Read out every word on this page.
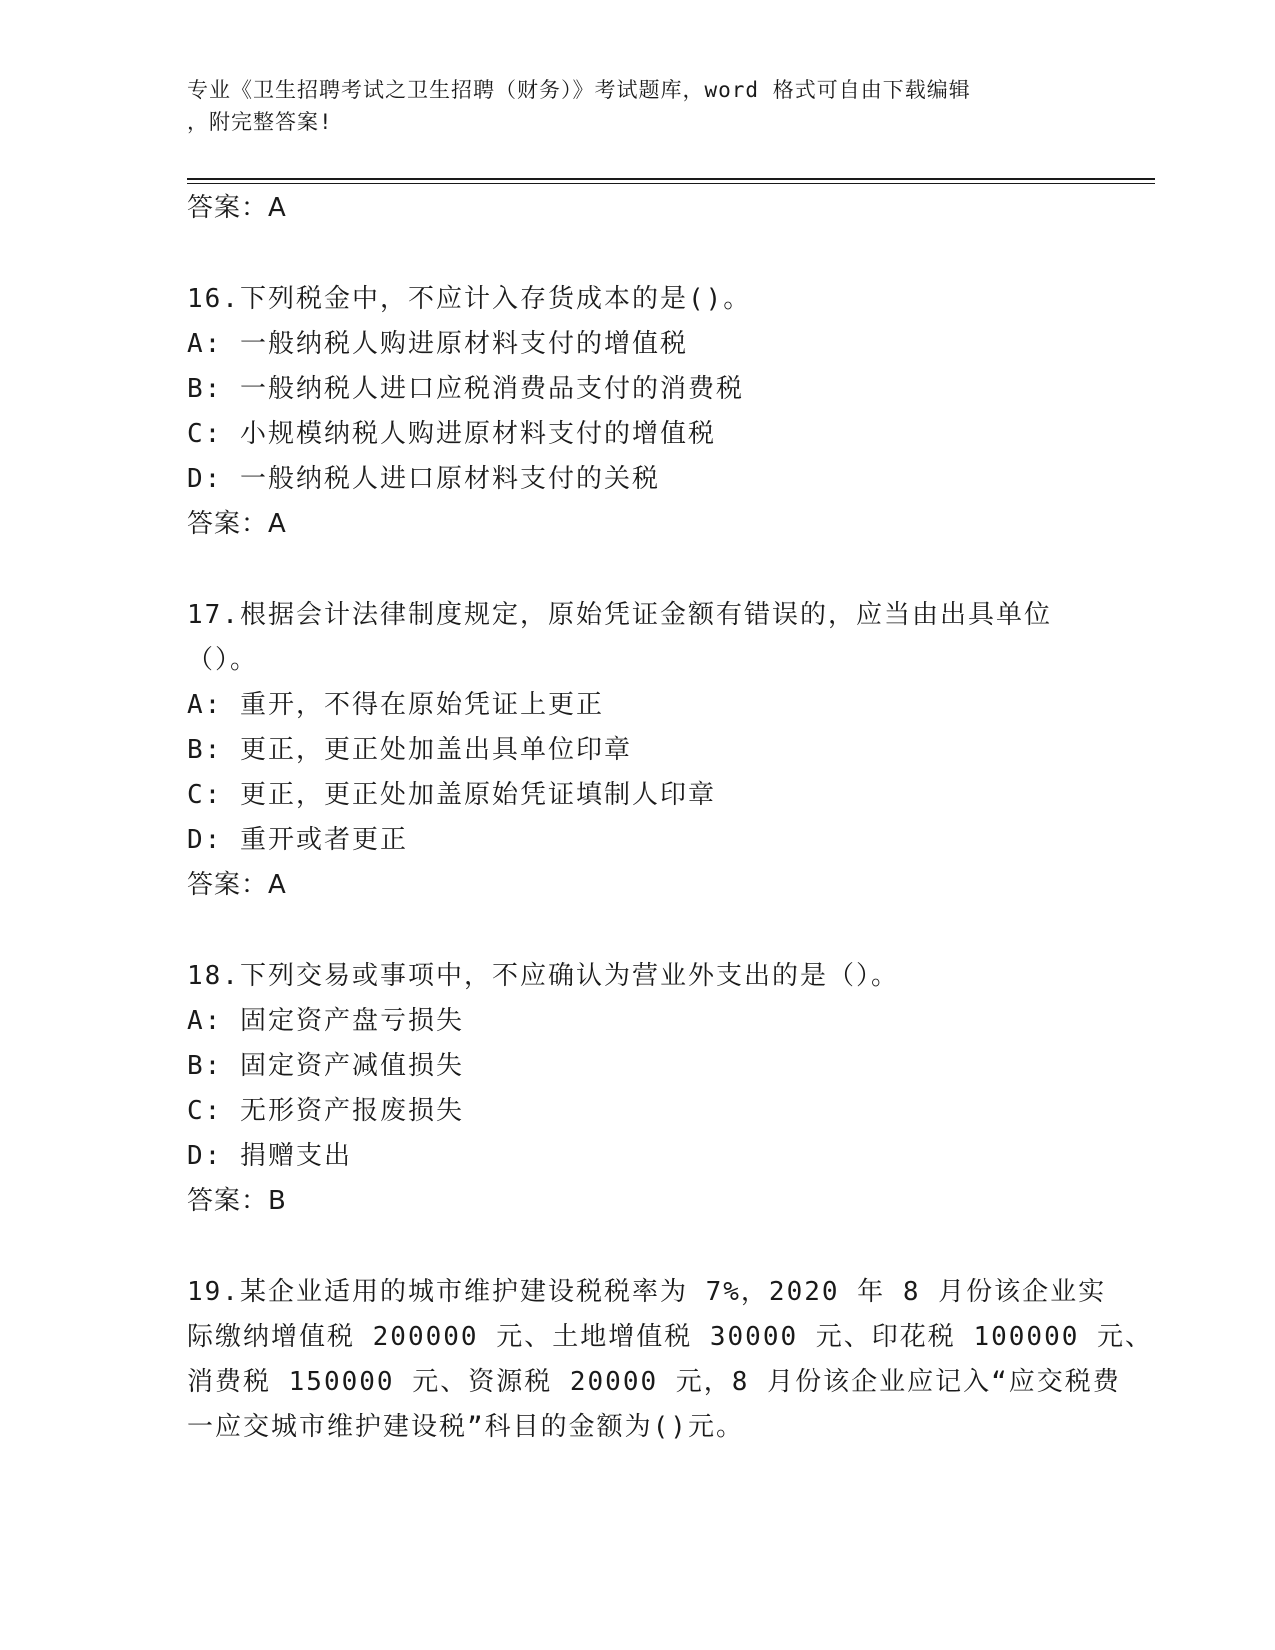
专业《卫生招聘考试之卫生招聘（财务）》考试题库，word 格式可自由下载编辑
，附完整答案!
答案：A
16.下列税金中，不应计入存货成本的是()。
A: 一般纳税人购进原材料支付的增值税
B: 一般纳税人进口应税消费品支付的消费税
C: 小规模纳税人购进原材料支付的增值税
D: 一般纳税人进口原材料支付的关税
答案：A
17.根据会计法律制度规定，原始凭证金额有错误的，应当由出具单位
（）。
A: 重开，不得在原始凭证上更正
B: 更正，更正处加盖出具单位印章
C: 更正，更正处加盖原始凭证填制人印章
D: 重开或者更正
答案：A
18.下列交易或事项中，不应确认为营业外支出的是（）。
A: 固定资产盘亏损失
B: 固定资产减值损失
C: 无形资产报废损失
D: 捐赠支出
答案：B
19.某企业适用的城市维护建设税税率为 7%，2020 年 8 月份该企业实
际缴纳增值税 200000 元、土地增值税 30000 元、印花税 100000 元、
消费税 150000 元、资源税 20000 元，8 月份该企业应记入“应交税费
一应交城市维护建设税”科目的金额为()元。
